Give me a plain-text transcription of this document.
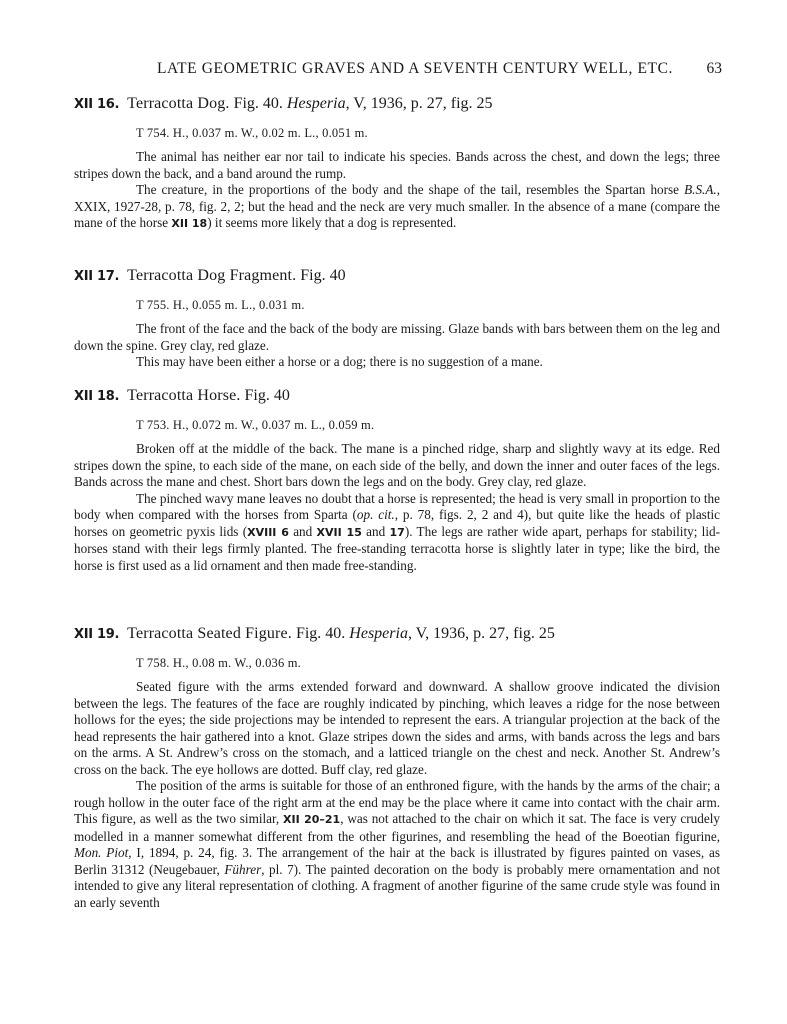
LATE GEOMETRIC GRAVES AND A SEVENTH CENTURY WELL, ETC.	63
XII 16. Terracotta Dog. Fig. 40. Hesperia, V, 1936, p. 27, fig. 25
T 754. H., 0.037 m. W., 0.02 m. L., 0.051 m.

The animal has neither ear nor tail to indicate his species. Bands across the chest, and down the legs; three stripes down the back, and a band around the rump.

The creature, in the proportions of the body and the shape of the tail, resembles the Spartan horse B.S.A., XXIX, 1927-28, p. 78, fig. 2, 2; but the head and the neck are very much smaller. In the absence of a mane (compare the mane of the horse XII 18) it seems more likely that a dog is represented.

XII 17. Terracotta Dog Fragment. Fig. 40
T 755. H., 0.055 m. L., 0.031 m.

The front of the face and the back of the body are missing. Glaze bands with bars between them on the leg and down the spine. Grey clay, red glaze.

This may have been either a horse or a dog; there is no suggestion of a mane.

XII 18. Terracotta Horse. Fig. 40
T 753. H., 0.072 m. W., 0.037 m. L., 0.059 m.

Broken off at the middle of the back. The mane is a pinched ridge, sharp and slightly wavy at its edge. Red stripes down the spine, to each side of the mane, on each side of the belly, and down the inner and outer faces of the legs. Bands across the mane and chest. Short bars down the legs and on the body. Grey clay, red glaze.

The pinched wavy mane leaves no doubt that a horse is represented; the head is very small in proportion to the body when compared with the horses from Sparta (op. cit., p. 78, figs. 2, 2 and 4), but quite like the heads of plastic horses on geometric pyxis lids (XVIII 6 and XVII 15 and 17). The legs are rather wide apart, perhaps for stability; lid-horses stand with their legs firmly planted. The free-standing terracotta horse is slightly later in type; like the bird, the horse is first used as a lid ornament and then made free-standing.

XII 19. Terracotta Seated Figure. Fig. 40. Hesperia, V, 1936, p. 27, fig. 25
T 758. H., 0.08 m. W., 0.036 m.

Seated figure with the arms extended forward and downward. A shallow groove indicated the division between the legs. The features of the face are roughly indicated by pinching, which leaves a ridge for the nose between hollows for the eyes; the side projections may be intended to represent the ears. A triangular projection at the back of the head represents the hair gathered into a knot. Glaze stripes down the sides and arms, with bands across the legs and bars on the arms. A St. Andrew’s cross on the stomach, and a latticed triangle on the chest and neck. Another St. Andrew’s cross on the back. The eye hollows are dotted. Buff clay, red glaze.

The position of the arms is suitable for those of an enthroned figure, with the hands by the arms of the chair; a rough hollow in the outer face of the right arm at the end may be the place where it came into contact with the chair arm. This figure, as well as the two similar, XII 20–21, was not attached to the chair on which it sat. The face is very crudely modelled in a manner somewhat different from the other figurines, and resembling the head of the Boeotian figurine, Mon. Piot, I, 1894, p. 24, fig. 3. The arrangement of the hair at the back is illustrated by figures painted on vases, as Berlin 31312 (Neugebauer, Führer, pl. 7). The painted decoration on the body is probably mere ornamentation and not intended to give any literal representation of clothing. A fragment of another figurine of the same crude style was found in an early seventh
